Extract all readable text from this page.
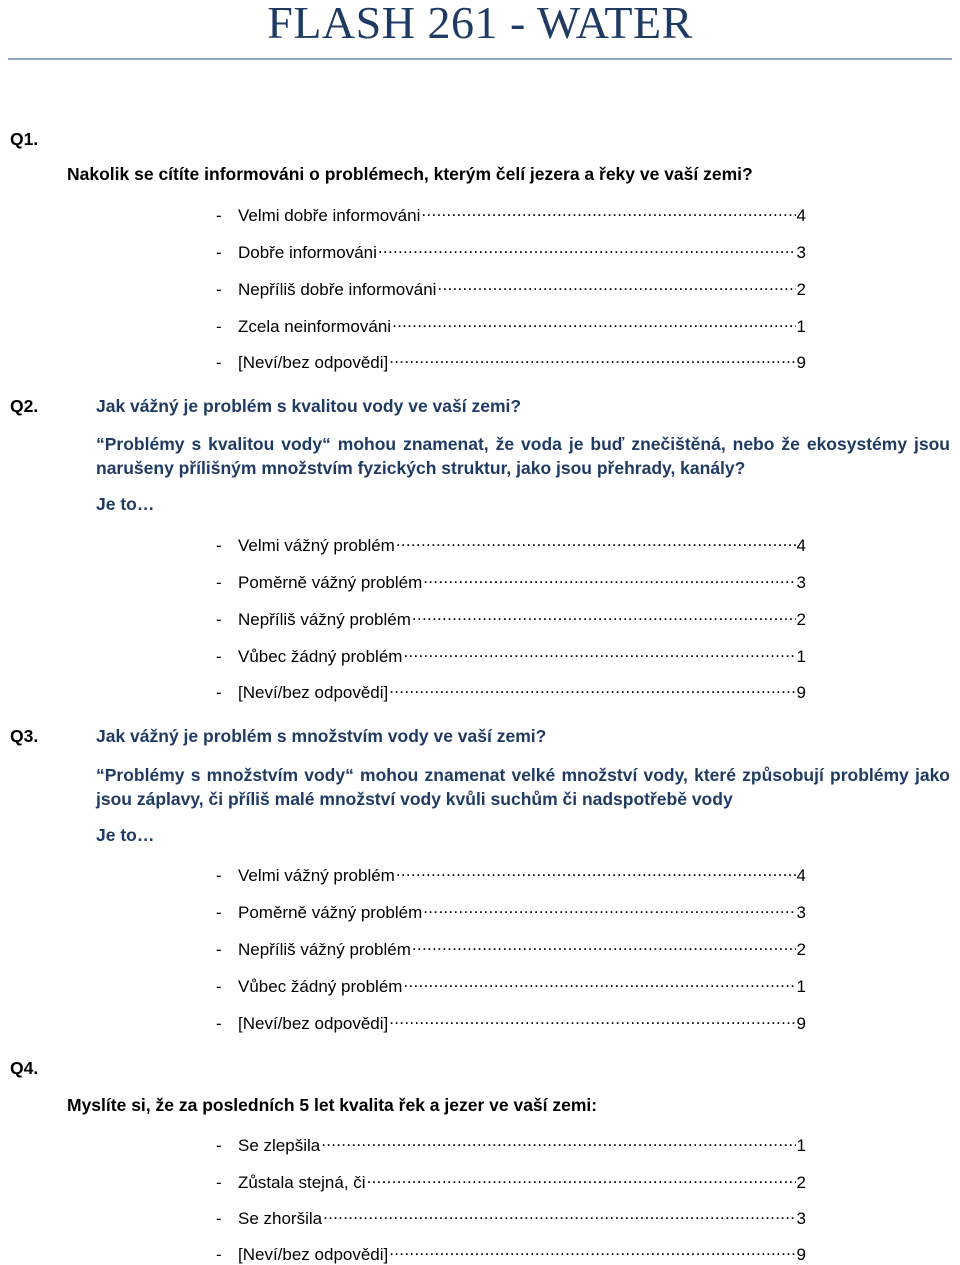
FLASH 261 - WATER
Q1.
Nakolik se cítíte informováni o problémech, kterým čelí jezera a řeky ve vaší zemi?
- Velmi dobře informováni .....	4
- Dobře informováni .....	3
- Nepříliš dobře informováni .....	2
- Zcela neinformováni .....	1
- [Neví/bez odpovědi] .....	9
Q2.	Jak vážný je problém s kvalitou vody ve vaší zemi?
“Problémy s kvalitou vody“ mohou znamenat, že voda je buď znečištěná, nebo že ekosystémy jsou narušeny přílišným množstvím fyzických struktur, jako jsou přehrady, kanály?
Je to…
- Velmi vážný problém .....	4
- Poměrně vážný problém .....	3
- Nepříliš vážný problém .....	2
- Vůbec žádný problém .....	1
- [Neví/bez odpovědi] .....	9
Q3.	Jak vážný je problém s množstvím vody ve vaší zemi?
“Problémy s množstvím vody“ mohou znamenat velké množství vody, které způsobují problémy jako jsou záplavy, či příliš malé množství vody kvůli suchům či nadspotřebě vody
Je to…
- Velmi vážný problém .....	4
- Poměrně vážný problém .....	3
- Nepříliš vážný problém .....	2
- Vůbec žádný problém .....	1
- [Neví/bez odpovědi] .....	9
Q4.
Myslíte si, že za posledních 5 let kvalita řek a jezer ve vaší zemi:
- Se zlepšila .....	1
- Zůstala stejná, či .....	2
- Se zhoršila .....	3
- [Neví/bez odpovědi] .....	9
